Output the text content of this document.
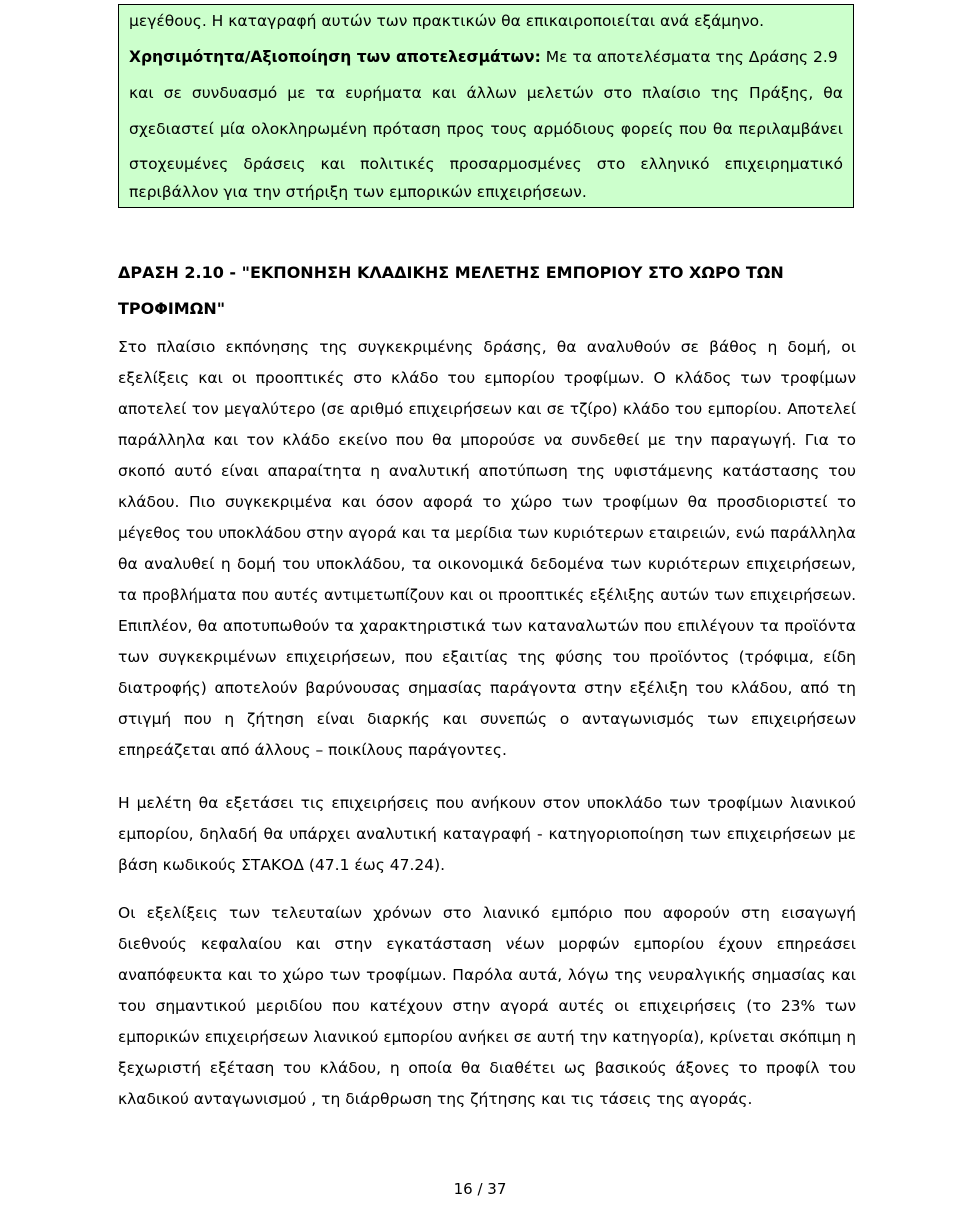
μεγέθους. Η καταγραφή αυτών των πρακτικών θα επικαιροποιείται ανά εξάμηνο.
Χρησιμότητα/Αξιοποίηση των αποτελεσμάτων: Με τα αποτελέσματα της Δράσης 2.9
και σε συνδυασμό με τα ευρήματα και άλλων μελετών στο πλαίσιο της Πράξης, θα
σχεδιαστεί μία ολοκληρωμένη πρόταση προς τους αρμόδιους φορείς που θα περιλαμβάνει
στοχευμένες δράσεις και πολιτικές προσαρμοσμένες στο ελληνικό επιχειρηματικό
περιβάλλον για την στήριξη των εμπορικών επιχειρήσεων.
ΔΡΑΣΗ 2.10 - "ΕΚΠΟΝΗΣΗ ΚΛΑΔΙΚΗΣ ΜΕΛΕΤΗΣ ΕΜΠΟΡΙΟΥ ΣΤΟ ΧΩΡΟ ΤΩΝ
ΤΡΟΦΙΜΩΝ"
Στο πλαίσιο εκπόνησης της συγκεκριμένης δράσης, θα αναλυθούν σε βάθος η δομή, οι
εξελίξεις και οι προοπτικές στο κλάδο του εμπορίου τροφίμων. Ο κλάδος των τροφίμων
αποτελεί τον μεγαλύτερο (σε αριθμό επιχειρήσεων και σε τζίρο) κλάδο του εμπορίου. Αποτελεί
παράλληλα και τον κλάδο εκείνο που θα μπορούσε να συνδεθεί με την παραγωγή. Για το
σκοπό αυτό είναι απαραίτητα η αναλυτική αποτύπωση της υφιστάμενης κατάστασης του
κλάδου. Πιο συγκεκριμένα και όσον αφορά το χώρο των τροφίμων θα προσδιοριστεί το
μέγεθος του υποκλάδου στην αγορά και τα μερίδια των κυριότερων εταιρειών, ενώ παράλληλα
θα αναλυθεί η δομή του υποκλάδου, τα οικονομικά δεδομένα των κυριότερων επιχειρήσεων,
τα προβλήματα που αυτές αντιμετωπίζουν και οι προοπτικές εξέλιξης αυτών των επιχειρήσεων.
Επιπλέον, θα αποτυπωθούν τα χαρακτηριστικά των καταναλωτών που επιλέγουν τα προϊόντα
των συγκεκριμένων επιχειρήσεων, που εξαιτίας της φύσης του προϊόντος (τρόφιμα, είδη
διατροφής) αποτελούν βαρύνουσας σημασίας παράγοντα στην εξέλιξη του κλάδου, από τη
στιγμή που η ζήτηση είναι διαρκής και συνεπώς ο ανταγωνισμός των επιχειρήσεων
επηρεάζεται από άλλους – ποικίλους παράγοντες.
Η μελέτη θα εξετάσει τις επιχειρήσεις που ανήκουν στον υποκλάδο των τροφίμων λιανικού
εμπορίου, δηλαδή θα υπάρχει αναλυτική καταγραφή - κατηγοριοποίηση των επιχειρήσεων με
βάση κωδικούς ΣΤΑΚΟΔ (47.1 έως 47.24).
Οι εξελίξεις των τελευταίων χρόνων στο λιανικό εμπόριο που αφορούν στη εισαγωγή
διεθνούς κεφαλαίου και στην εγκατάσταση νέων μορφών εμπορίου έχουν επηρεάσει
αναπόφευκτα και το χώρο των τροφίμων. Παρόλα αυτά, λόγω της νευραλγικής σημασίας και
του σημαντικού μεριδίου που κατέχουν στην αγορά αυτές οι επιχειρήσεις (το 23% των
εμπορικών επιχειρήσεων λιανικού εμπορίου ανήκει σε αυτή την κατηγορία), κρίνεται σκόπιμη η
ξεχωριστή εξέταση του κλάδου, η οποία θα διαθέτει ως βασικούς άξονες το προφίλ του
κλαδικού ανταγωνισμού , τη διάρθρωση της ζήτησης και τις τάσεις της αγοράς.
16 / 37
